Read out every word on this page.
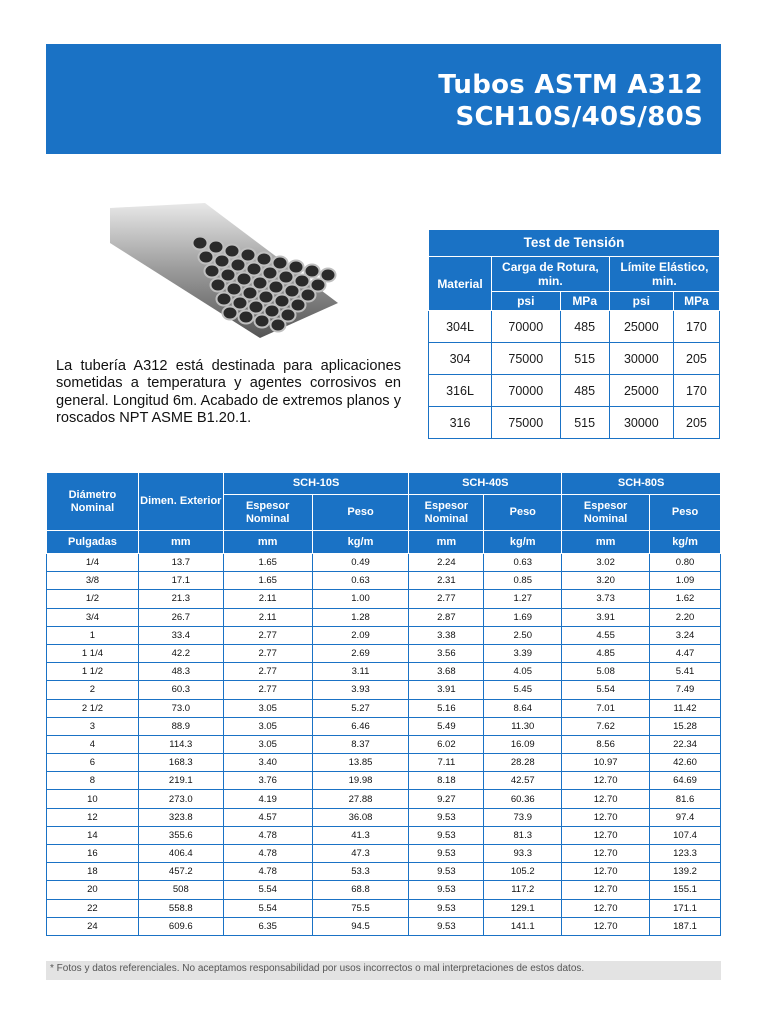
Tubos ASTM A312
SCH10S/40S/80S
La tubería A312 está destinada para aplicaciones sometidas a temperatura y agentes corrosivos en general. Longitud 6m. Acabado de extremos planos y roscados NPT ASME B1.20.1.
Test de Tensión				
Material	Carga de Rotura, min.		Límite Elástico, min.	
	psi	MPa	psi	MPa
304L	70000	485	25000	170
304	75000	515	30000	205
316L	70000	485	25000	170
316	75000	515	30000	205
Diámetro Nominal	Dimen. Exterior	SCH-10S		SCH-40S		SCH-80S	
		Espesor Nominal	Peso	Espesor Nominal	Peso	Espesor Nominal	Peso
Pulgadas	mm	mm	kg/m	mm	kg/m	mm	kg/m
1/4	13.7	1.65	0.49	2.24	0.63	3.02	0.80
3/8	17.1	1.65	0.63	2.31	0.85	3.20	1.09
1/2	21.3	2.11	1.00	2.77	1.27	3.73	1.62
3/4	26.7	2.11	1.28	2.87	1.69	3.91	2.20
1	33.4	2.77	2.09	3.38	2.50	4.55	3.24
1 1/4	42.2	2.77	2.69	3.56	3.39	4.85	4.47
1 1/2	48.3	2.77	3.11	3.68	4.05	5.08	5.41
2	60.3	2.77	3.93	3.91	5.45	5.54	7.49
2 1/2	73.0	3.05	5.27	5.16	8.64	7.01	11.42
3	88.9	3.05	6.46	5.49	11.30	7.62	15.28
4	114.3	3.05	8.37	6.02	16.09	8.56	22.34
6	168.3	3.40	13.85	7.11	28.28	10.97	42.60
8	219.1	3.76	19.98	8.18	42.57	12.70	64.69
10	273.0	4.19	27.88	9.27	60.36	12.70	81.6
12	323.8	4.57	36.08	9.53	73.9	12.70	97.4
14	355.6	4.78	41.3	9.53	81.3	12.70	107.4
16	406.4	4.78	47.3	9.53	93.3	12.70	123.3
18	457.2	4.78	53.3	9.53	105.2	12.70	139.2
20	508	5.54	68.8	9.53	117.2	12.70	155.1
22	558.8	5.54	75.5	9.53	129.1	12.70	171.1
24	609.6	6.35	94.5	9.53	141.1	12.70	187.1
* Fotos y datos referenciales. No aceptamos responsabilidad por usos incorrectos o mal interpretaciones de estos datos.
